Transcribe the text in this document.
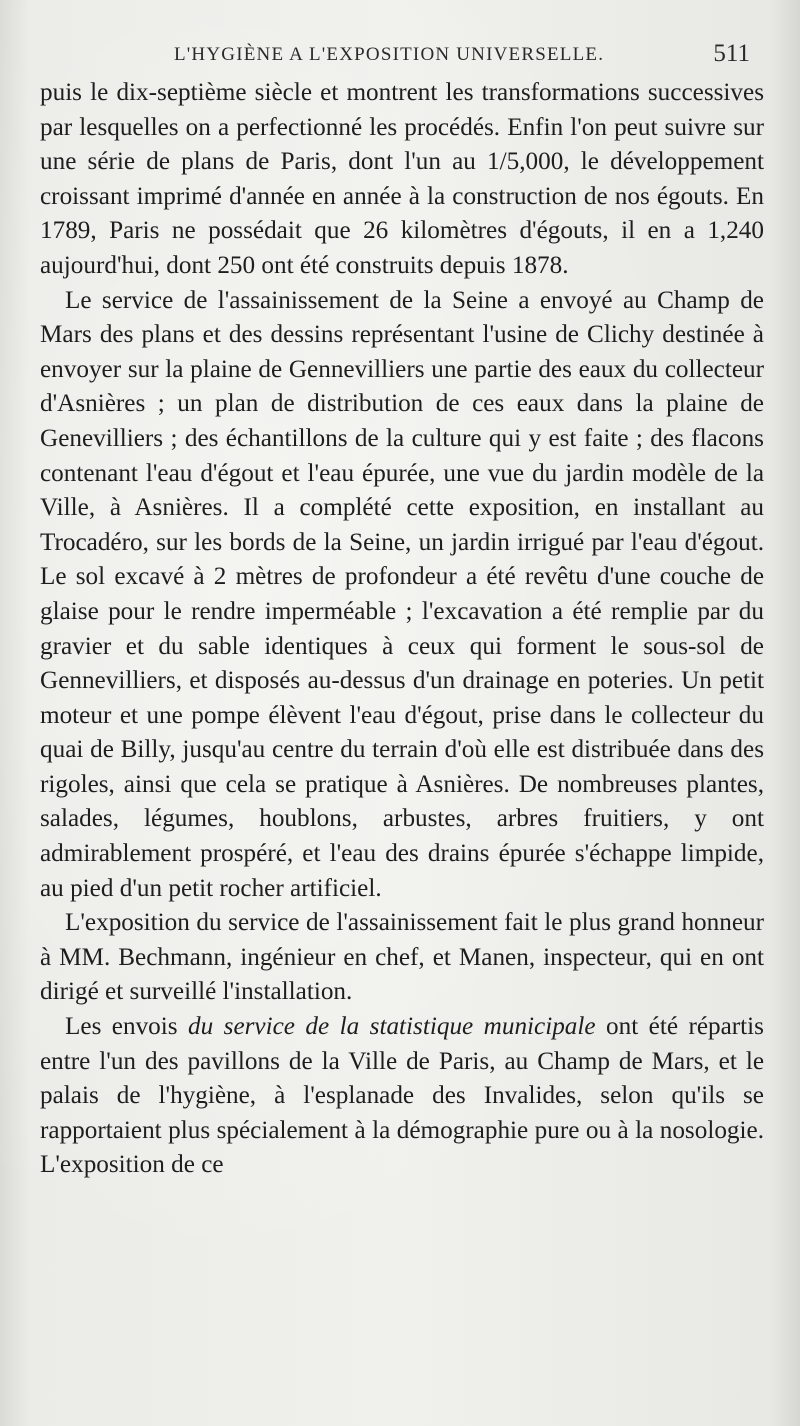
L'HYGIÈNE A L'EXPOSITION UNIVERSELLE.	511

puis le dix-septième siècle et montrent les transformations successives par lesquelles on a perfectionné les procédés. Enfin l'on peut suivre sur une série de plans de Paris, dont l'un au 1/5,000, le développement croissant imprimé d'année en année à la construction de nos égouts. En 1789, Paris ne possédait que 26 kilomètres d'égouts, il en a 1,240 aujourd'hui, dont 250 ont été construits depuis 1878.

Le service de l'assainissement de la Seine a envoyé au Champ de Mars des plans et des dessins représentant l'usine de Clichy destinée à envoyer sur la plaine de Gennevilliers une partie des eaux du collecteur d'Asnières ; un plan de distribution de ces eaux dans la plaine de Genevilliers ; des échantillons de la culture qui y est faite ; des flacons contenant l'eau d'égout et l'eau épurée, une vue du jardin modèle de la Ville, à Asnières. Il a complété cette exposition, en installant au Trocadéro, sur les bords de la Seine, un jardin irrigué par l'eau d'égout. Le sol excavé à 2 mètres de profondeur a été revêtu d'une couche de glaise pour le rendre imperméable ; l'excavation a été remplie par du gravier et du sable identiques à ceux qui forment le sous-sol de Gennevilliers, et disposés au-dessus d'un drainage en poteries. Un petit moteur et une pompe élèvent l'eau d'égout, prise dans le collecteur du quai de Billy, jusqu'au centre du terrain d'où elle est distribuée dans des rigoles, ainsi que cela se pratique à Asnières. De nombreuses plantes, salades, légumes, houblons, arbustes, arbres fruitiers, y ont admirablement prospéré, et l'eau des drains épurée s'échappe limpide, au pied d'un petit rocher artificiel.

L'exposition du service de l'assainissement fait le plus grand honneur à MM. Bechmann, ingénieur en chef, et Manen, inspecteur, qui en ont dirigé et surveillé l'installation.

Les envois du service de la statistique municipale ont été répartis entre l'un des pavillons de la Ville de Paris, au Champ de Mars, et le palais de l'hygiène, à l'esplanade des Invalides, selon qu'ils se rapportaient plus spécialement à la démographie pure ou à la nosologie. L'exposition de ce
